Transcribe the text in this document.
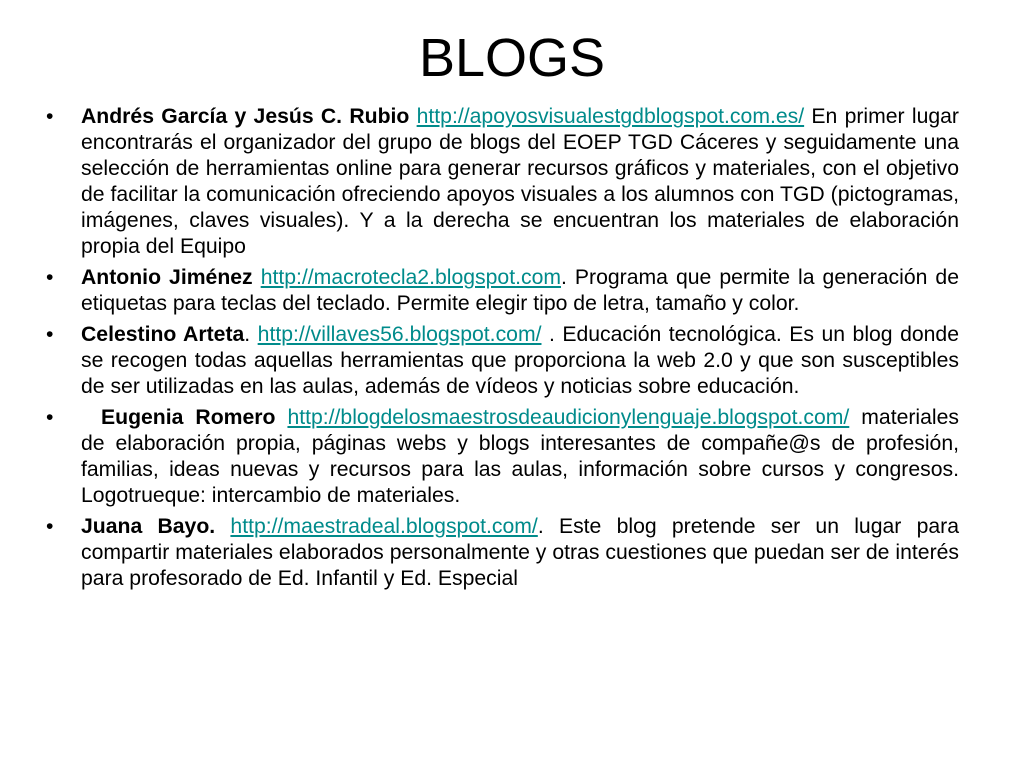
BLOGS
• Andrés García y Jesús C. Rubio http://apoyosvisualestgdblogspot.com.es/ En primer lugar encontrarás el organizador del grupo de blogs del EOEP TGD Cáceres y seguidamente una selección de herramientas online para generar recursos gráficos y materiales, con el objetivo de facilitar la comunicación ofreciendo apoyos visuales a los alumnos con TGD (pictogramas, imágenes, claves visuales). Y a la derecha se encuentran los materiales de elaboración propia del Equipo
• Antonio Jiménez http://macrotecla2.blogspot.com. Programa que permite la generación de etiquetas para teclas del teclado. Permite elegir tipo de letra, tamaño y color.
• Celestino Arteta. http://villaves56.blogspot.com/ . Educación tecnológica. Es un blog donde se recogen todas aquellas herramientas que proporciona la web 2.0 y que son susceptibles de ser utilizadas en las aulas, además de vídeos y noticias sobre educación.
• Eugenia Romero http://blogdelosmaestrosdeaudicionylenguaje.blogspot.com/ materiales de elaboración propia, páginas webs y blogs interesantes de compañe@s de profesión, familias, ideas nuevas y recursos para las aulas, información sobre cursos y congresos. Logotrueque: intercambio de materiales.
• Juana Bayo. http://maestradeal.blogspot.com/. Este blog pretende ser un lugar para compartir materiales elaborados personalmente y otras cuestiones que puedan ser de interés para profesorado de Ed. Infantil y Ed. Especial
